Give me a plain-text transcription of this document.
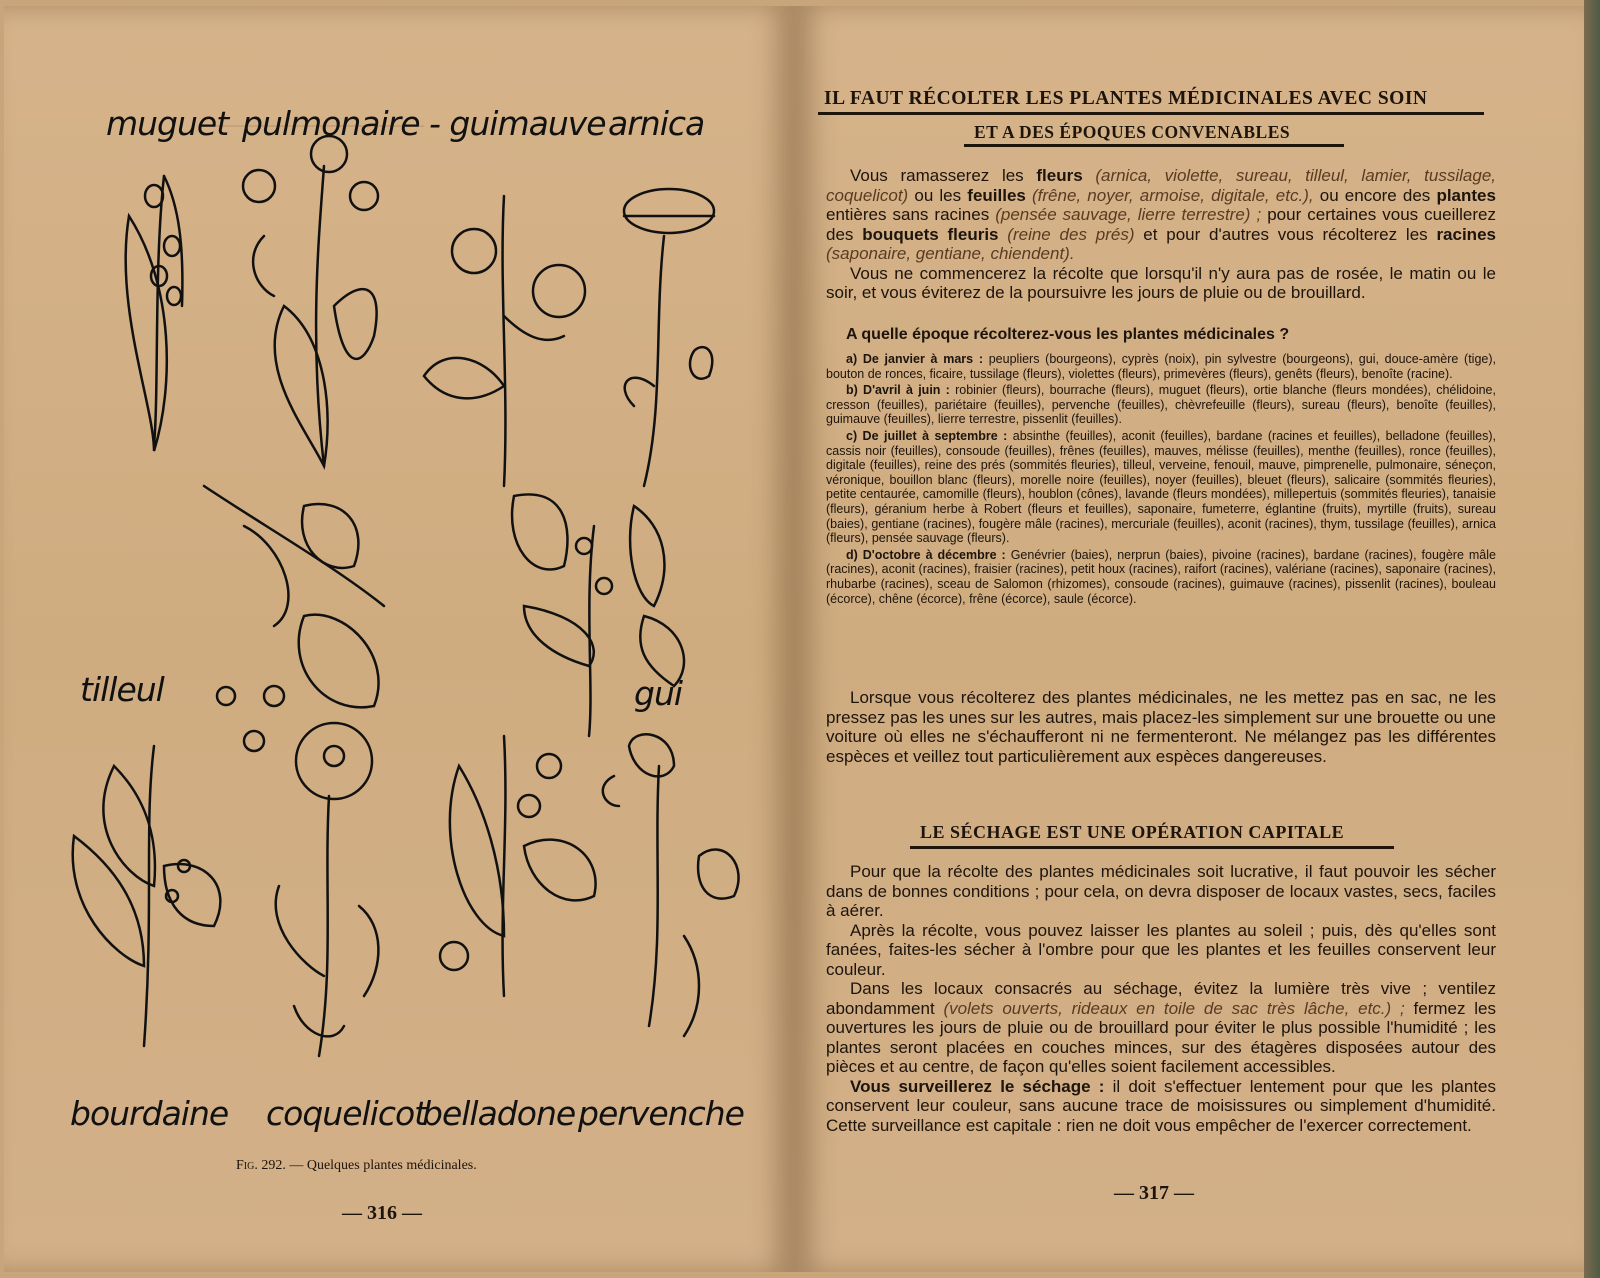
muguet pulmonaire - guimauve arnica
tilleul	gui
bourdaine coquelicot
belladone pervenche
Fig. 292. — Quelques plantes médicinales.
— 316 —
IL FAUT RÉCOLTER LES PLANTES MÉDICINALES AVEC SOIN
ET A DES ÉPOQUES CONVENABLES

Vous ramasserez les fleurs (arnica, violette, sureau, tilleul, lamier, tussilage, coquelicot) ou les feuilles (frêne, noyer, armoise, digitale, etc.), ou encore des plantes entières sans racines (pensée sauvage, lierre terrestre) ; pour certaines vous cueillerez des bouquets fleuris (reine des prés) et pour d'autres vous récolterez les racines (saponaire, gentiane, chiendent).

Vous ne commencerez la récolte que lorsqu'il n'y aura pas de rosée, le matin ou le soir, et vous éviterez de la poursuivre les jours de pluie ou de brouillard.

A quelle époque récolterez-vous les plantes médicinales ?

a) De janvier à mars : peupliers (bourgeons), cyprès (noix), pin sylvestre (bourgeons), gui, douce-amère (tige), bouton de ronces, ficaire, tussilage (fleurs), violettes (fleurs), primevères (fleurs), genêts (fleurs), benoîte (racine).

b) D'avril à juin : robinier (fleurs), bourrache (fleurs), muguet (fleurs), ortie blanche (fleurs mondées), chélidoine, cresson (feuilles), pariétaire (feuilles), pervenche (feuilles), chèvrefeuille (fleurs), sureau (fleurs), benoîte (feuilles), guimauve (feuilles), lierre terrestre, pissenlit (feuilles).

c) De juillet à septembre : absinthe (feuilles), aconit (feuilles), bardane (racines et feuilles), belladone (feuilles), cassis noir (feuilles), consoude (feuilles), frênes (feuilles), mauves, mélisse (feuilles), menthe (feuilles), ronce (feuilles), digitale (feuilles), reine des prés (sommités fleuries), tilleul, verveine, fenouil, mauve, pimprenelle, pulmonaire, séneçon, véronique, bouillon blanc (fleurs), morelle noire (feuilles), noyer (feuilles), bleuet (fleurs), salicaire (sommités fleuries), petite centaurée, camomille (fleurs), houblon (cônes), lavande (fleurs mondées), millepertuis (sommités fleuries), tanaisie (fleurs), géranium herbe à Robert (fleurs et feuilles), saponaire, fumeterre, églantine (fruits), myrtille (fruits), sureau (baies), gentiane (racines), fougère mâle (racines), mercuriale (feuilles), aconit (racines), thym, tussilage (feuilles), arnica (fleurs), pensée sauvage (fleurs).

d) D'octobre à décembre : Genévrier (baies), nerprun (baies), pivoine (racines), bardane (racines), fougère mâle (racines), aconit (racines), fraisier (racines), petit houx (racines), raifort (racines), valériane (racines), saponaire (racines), rhubarbe (racines), sceau de Salomon (rhizomes), consoude (racines), guimauve (racines), pissenlit (racines), bouleau (écorce), chêne (écorce), frêne (écorce), saule (écorce).

Lorsque vous récolterez des plantes médicinales, ne les mettez pas en sac, ne les pressez pas les unes sur les autres, mais placez-les simplement sur une brouette ou une voiture où elles ne s'échaufferont ni ne fermenteront. Ne mélangez pas les différentes espèces et veillez tout particulièrement aux espèces dangereuses.

LE SÉCHAGE EST UNE OPÉRATION CAPITALE

Pour que la récolte des plantes médicinales soit lucrative, il faut pouvoir les sécher dans de bonnes conditions ; pour cela, on devra disposer de locaux vastes, secs, faciles à aérer.

Après la récolte, vous pouvez laisser les plantes au soleil ; puis, dès qu'elles sont fanées, faites-les sécher à l'ombre pour que les plantes et les feuilles conservent leur couleur.

Dans les locaux consacrés au séchage, évitez la lumière très vive ; ventilez abondamment (volets ouverts, rideaux en toile de sac très lâche, etc.) ; fermez les ouvertures les jours de pluie ou de brouillard pour éviter le plus possible l'humidité ; les plantes seront placées en couches minces, sur des étagères disposées autour des pièces et au centre, de façon qu'elles soient facilement accessibles.

Vous surveillerez le séchage : il doit s'effectuer lentement pour que les plantes conservent leur couleur, sans aucune trace de moisissures ou simplement d'humidité. Cette surveillance est capitale : rien ne doit vous empêcher de l'exercer correctement.

— 317 —
